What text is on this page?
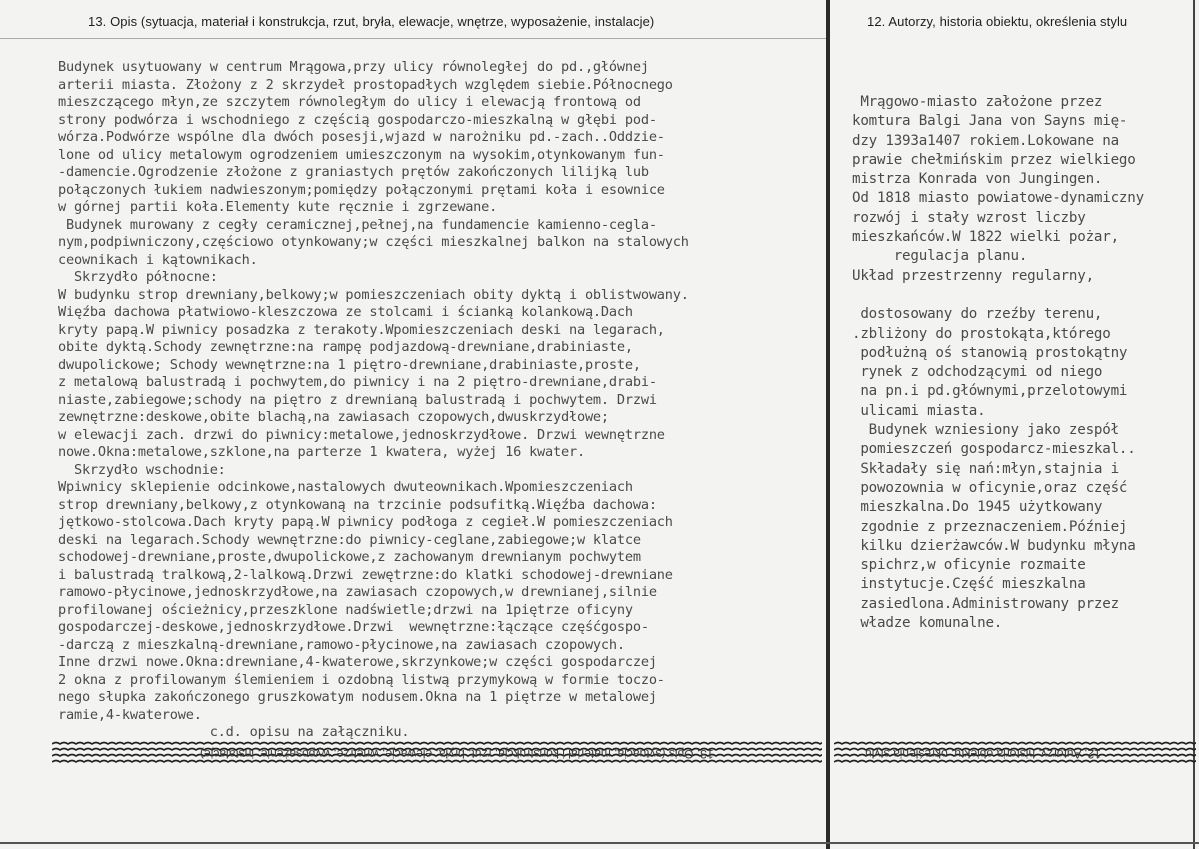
13. Opis (sytuacja, materiał i konstrukcja, rzut, bryła, elewacje, wnętrze, wyposażenie, instalacje)	12. Autorzy, historia obiektu, określenia stylu
Budynek usytuowany w centrum Mrągowa,przy ulicy równoległej do pd.,głównej
arterii miasta. Złożony z 2 skrzydeł prostopadłych względem siebie.Północnego
mieszczącego młyn,ze szczytem równoległym do ulicy i elewacją frontową od
strony podwórza i wschodniego z częścią gospodarczo-mieszkalną w głębi pod-
wórza.Podwórze wspólne dla dwóch posesji,wjazd w narożniku pd.-zach..Oddzie-
lone od ulicy metalowym ogrodzeniem umieszczonym na wysokim,otynkowanym fun-
-damencie.Ogrodzenie złożone z graniastych prętów zakończonych lilijką lub
połączonych łukiem nadwieszonym;pomiędzy połączonymi prętami koła i esownice
w górnej partii koła.Elementy kute ręcznie i zgrzewane.
Budynek murowany z cegły ceramicznej,pełnej,na fundamencie kamienno-cegla-
nym,podpiwniczony,częściowo otynkowany;w części mieszkalnej balkon na stalowych
ceownikach i kątownikach.
Skrzydło północne:
W budynku strop drewniany,belkowy;w pomieszczeniach obity dyktą i oblistwowany.
Więźba dachowa płatwiowo-kleszczowa ze stolcami i ścianką kolankową.Dach
kryty papą.W piwnicy posadzka z terakoty.Wpomieszczeniach deski na legarach,
obite dyktą.Schody zewnętrzne:na rampę podjazdową-drewniane,drabiniaste,
dwupolickowe; Schody wewnętrzne:na 1 piętro-drewniane,drabiniaste,proste,
z metalową balustradą i pochwytem,do piwnicy i na 2 piętro-drewniane,drabi-
niaste,zabiegowe;schody na piętro z drewnianą balustradą i pochwytem. Drzwi
zewnętrzne:deskowe,obite blachą,na zawiasach czopowych,dwuskrzydłowe;
w elewacji zach. drzwi do piwnicy:metalowe,jednoskrzydłowe. Drzwi wewnętrzne
nowe.Okna:metalowe,szklone,na parterze 1 kwatera, wyżej 16 kwater.
Skrzydło wschodnie:
Wpiwnicy sklepienie odcinkowe,nastalowych dwuteownikach.Wpomieszczeniach
strop drewniany,belkowy,z otynkowaną na trzcinie podsufitką.Więźba dachowa:
jętkowo-stolcowa.Dach kryty papą.W piwnicy podłoga z cegieł.W pomieszczeniach
deski na legarach.Schody wewnętrzne:do piwnicy-ceglane,zabiegowe;w klatce
schodowej-drewniane,proste,dwupolickowe,z zachowanym drewnianym pochwytem
i balustradą tralkową,2-lalkową.Drzwi zewętrzne:do klatki schodowej-drewniane
ramowo-płycinowe,jednoskrzydłowe,na zawiasach czopowych,w drewnianej,silnie
profilowanej ościeżnicy,przeszklone nadświetle;drzwi na 1piętrze oficyny
gospodarczej-deskowe,jednoskrzydłowe.Drzwi  wewnętrzne:łączące częśćgospo-
-darczą z mieszkalną-drewniane,ramowo-płycinowe,na zawiasach czopowych.
Inne drzwi nowe.Okna:drewniane,4-kwaterowe,skrzynkowe;w części gospodarczej
2 okna z profilowanym ślemieniem i ozdobną listwą przymykową w formie toczo-
nego słupka zakończonego gruszkowatym nodusem.Okna na 1 piętrze w metalowej
ramie,4-kwaterowe.
c.d. opisu na załączniku.
Mrągowo-miasto założone przez
komtura Balgi Jana von Sayns mię-
dzy 1393a1407 rokiem.Lokowane na
prawie chełmińskim przez wielkiego
mistrza Konrada von Jungingen.
Od 1818 miasto powiatowe-dynamiczny
rozwój i stały wzrost liczby
mieszkańców.W 1822 wielki pożar,
regulacja planu.
Układ przestrzenny regularny,

dostosowany do rzeźby terenu,
.zbliżony do prostokąta,którego
podłużną oś stanowią prostokątny
rynek z odchodzącymi od niego
na pn.i pd.głównymi,przelotowymi
ulicami miasta.
Budynek wzniesiony jako zespół
pomieszczeń gospodarcz-mieszkal..
Składały się nań:młyn,stajnia i
powozownia w oficynie,oraz część
mieszkalna.Do 1945 użytkowany
zgodnie z przeznaczeniem.Później
kilku dzierżawców.W budynku młyna
spichrz,w oficynie rozmaite
instytucje.Część mieszkalna
zasiedlona.Administrowany przez
władze komunalne.
13. Opis (sytuacja, materiał i konstrukcja, rzut, bryła, elewacje, wnętrze, wyposażenie, instalacje)	12. Autorzy, historia obiektu, określenia stylu
